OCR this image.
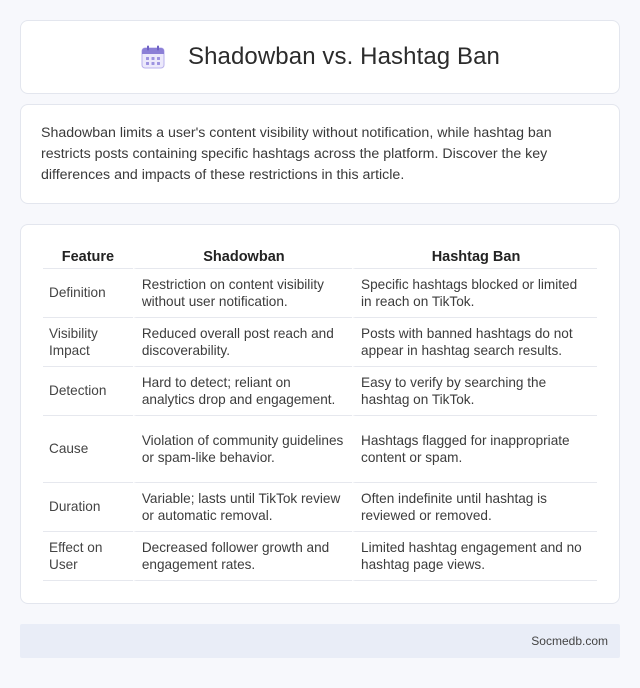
Shadowban vs. Hashtag Ban

Shadowban limits a user's content visibility without notification, while hashtag ban restricts posts containing specific hashtags across the platform. Discover the key differences and impacts of these restrictions in this article.

Feature	Shadowban	Hashtag Ban
Definition	Restriction on content visibility without user notification.	Specific hashtags blocked or limited in reach on TikTok.
Visibility Impact	Reduced overall post reach and discoverability.	Posts with banned hashtags do not appear in hashtag search results.
Detection	Hard to detect; reliant on analytics drop and engagement.	Easy to verify by searching the hashtag on TikTok.
Cause	Violation of community guidelines or spam-like behavior.	Hashtags flagged for inappropriate content or spam.
Duration	Variable; lasts until TikTok review or automatic removal.	Often indefinite until hashtag is reviewed or removed.
Effect on User	Decreased follower growth and engagement rates.	Limited hashtag engagement and no hashtag page views.
Socmedb.com
